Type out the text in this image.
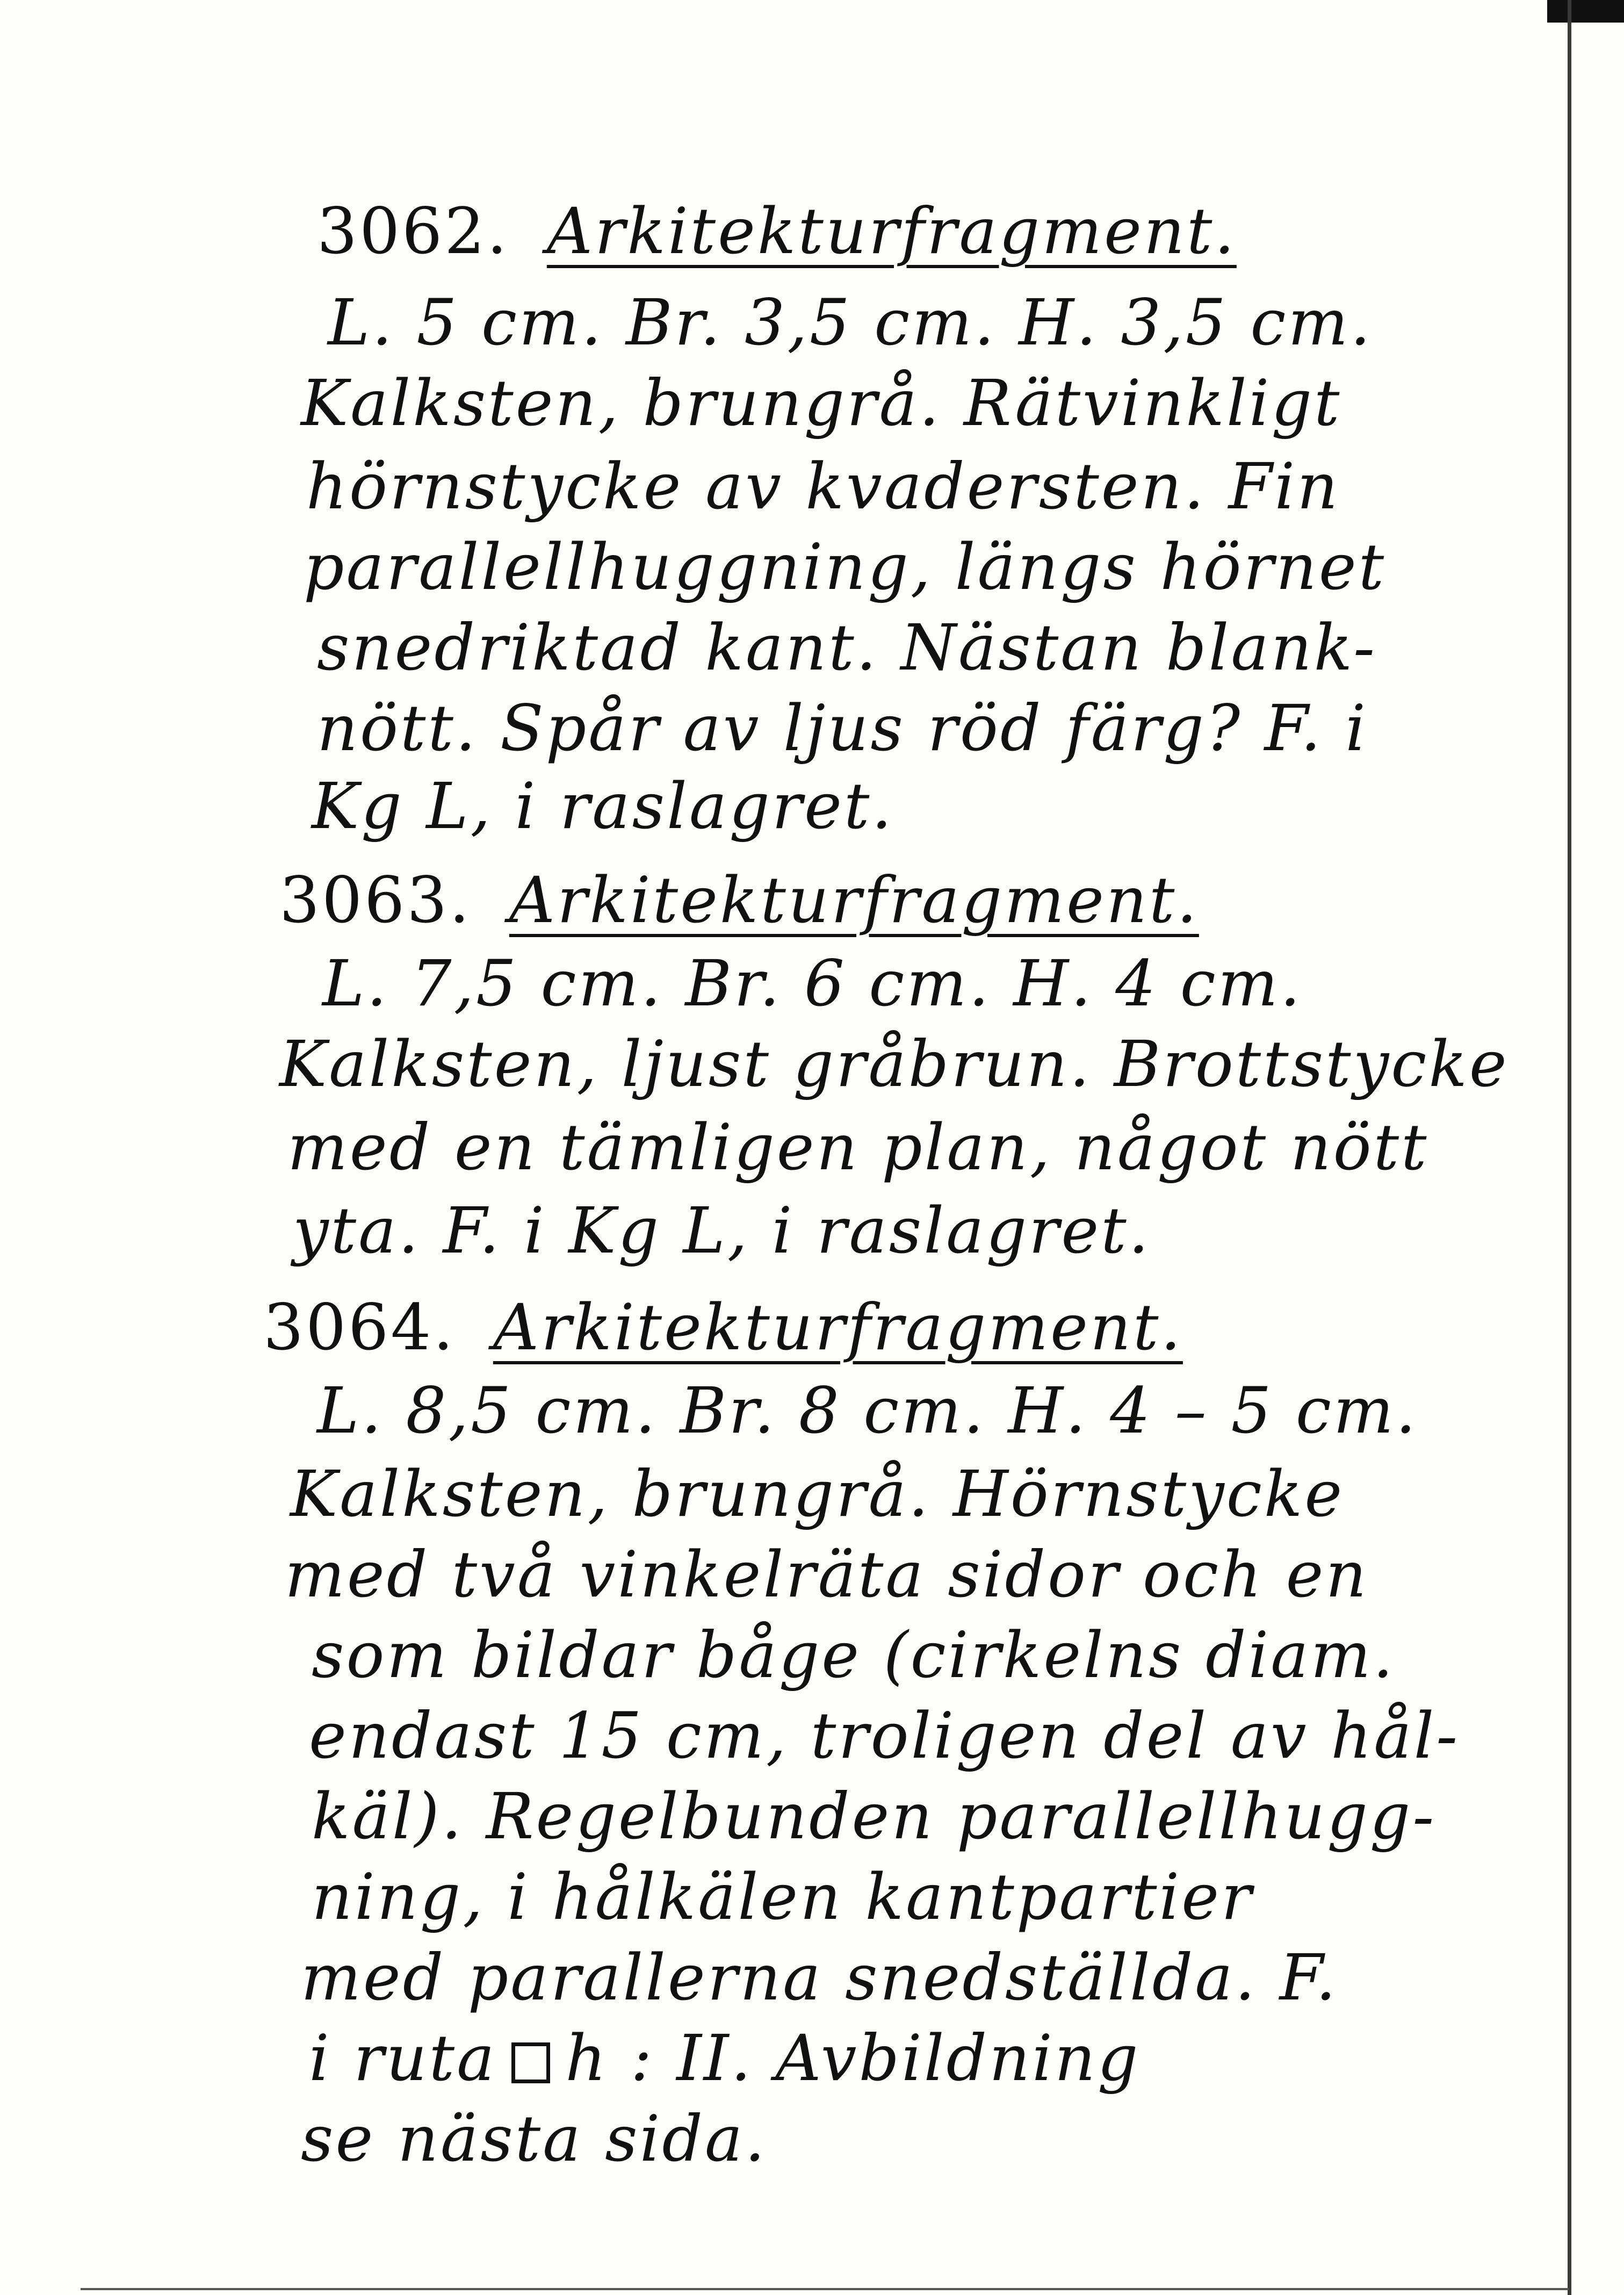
3062. Arkitekturfragment.
L. 5 cm. Br. 3,5 cm. H. 3,5 cm.
Kalksten, brungrå. Rätvinkligt
hörnstycke av kvadersten. Fin
parallellhuggning, längs hörnet
snedriktad kant. Nästan blank-
nött. Spår av ljus röd färg? F. i
Kg L, i raslagret.
3063. Arkitekturfragment.
L. 7,5 cm. Br. 6 cm. H. 4 cm.
Kalksten, ljust gråbrun. Brottstycke
med en tämligen plan, något nött
yta. F. i Kg L, i raslagret.
3064. Arkitekturfragment.
L. 8,5 cm. Br. 8 cm. H. 4 – 5 cm.
Kalksten, brungrå. Hörnstycke
med två vinkelräta sidor och en
som bildar båge (cirkelns diam.
endast 15 cm, troligen del av hål-
käl). Regelbunden parallellhugg-
ning, i hålkälen kantpartier
med parallerna snedställda. F.
i ruta h : II. Avbildning
se nästa sida.
